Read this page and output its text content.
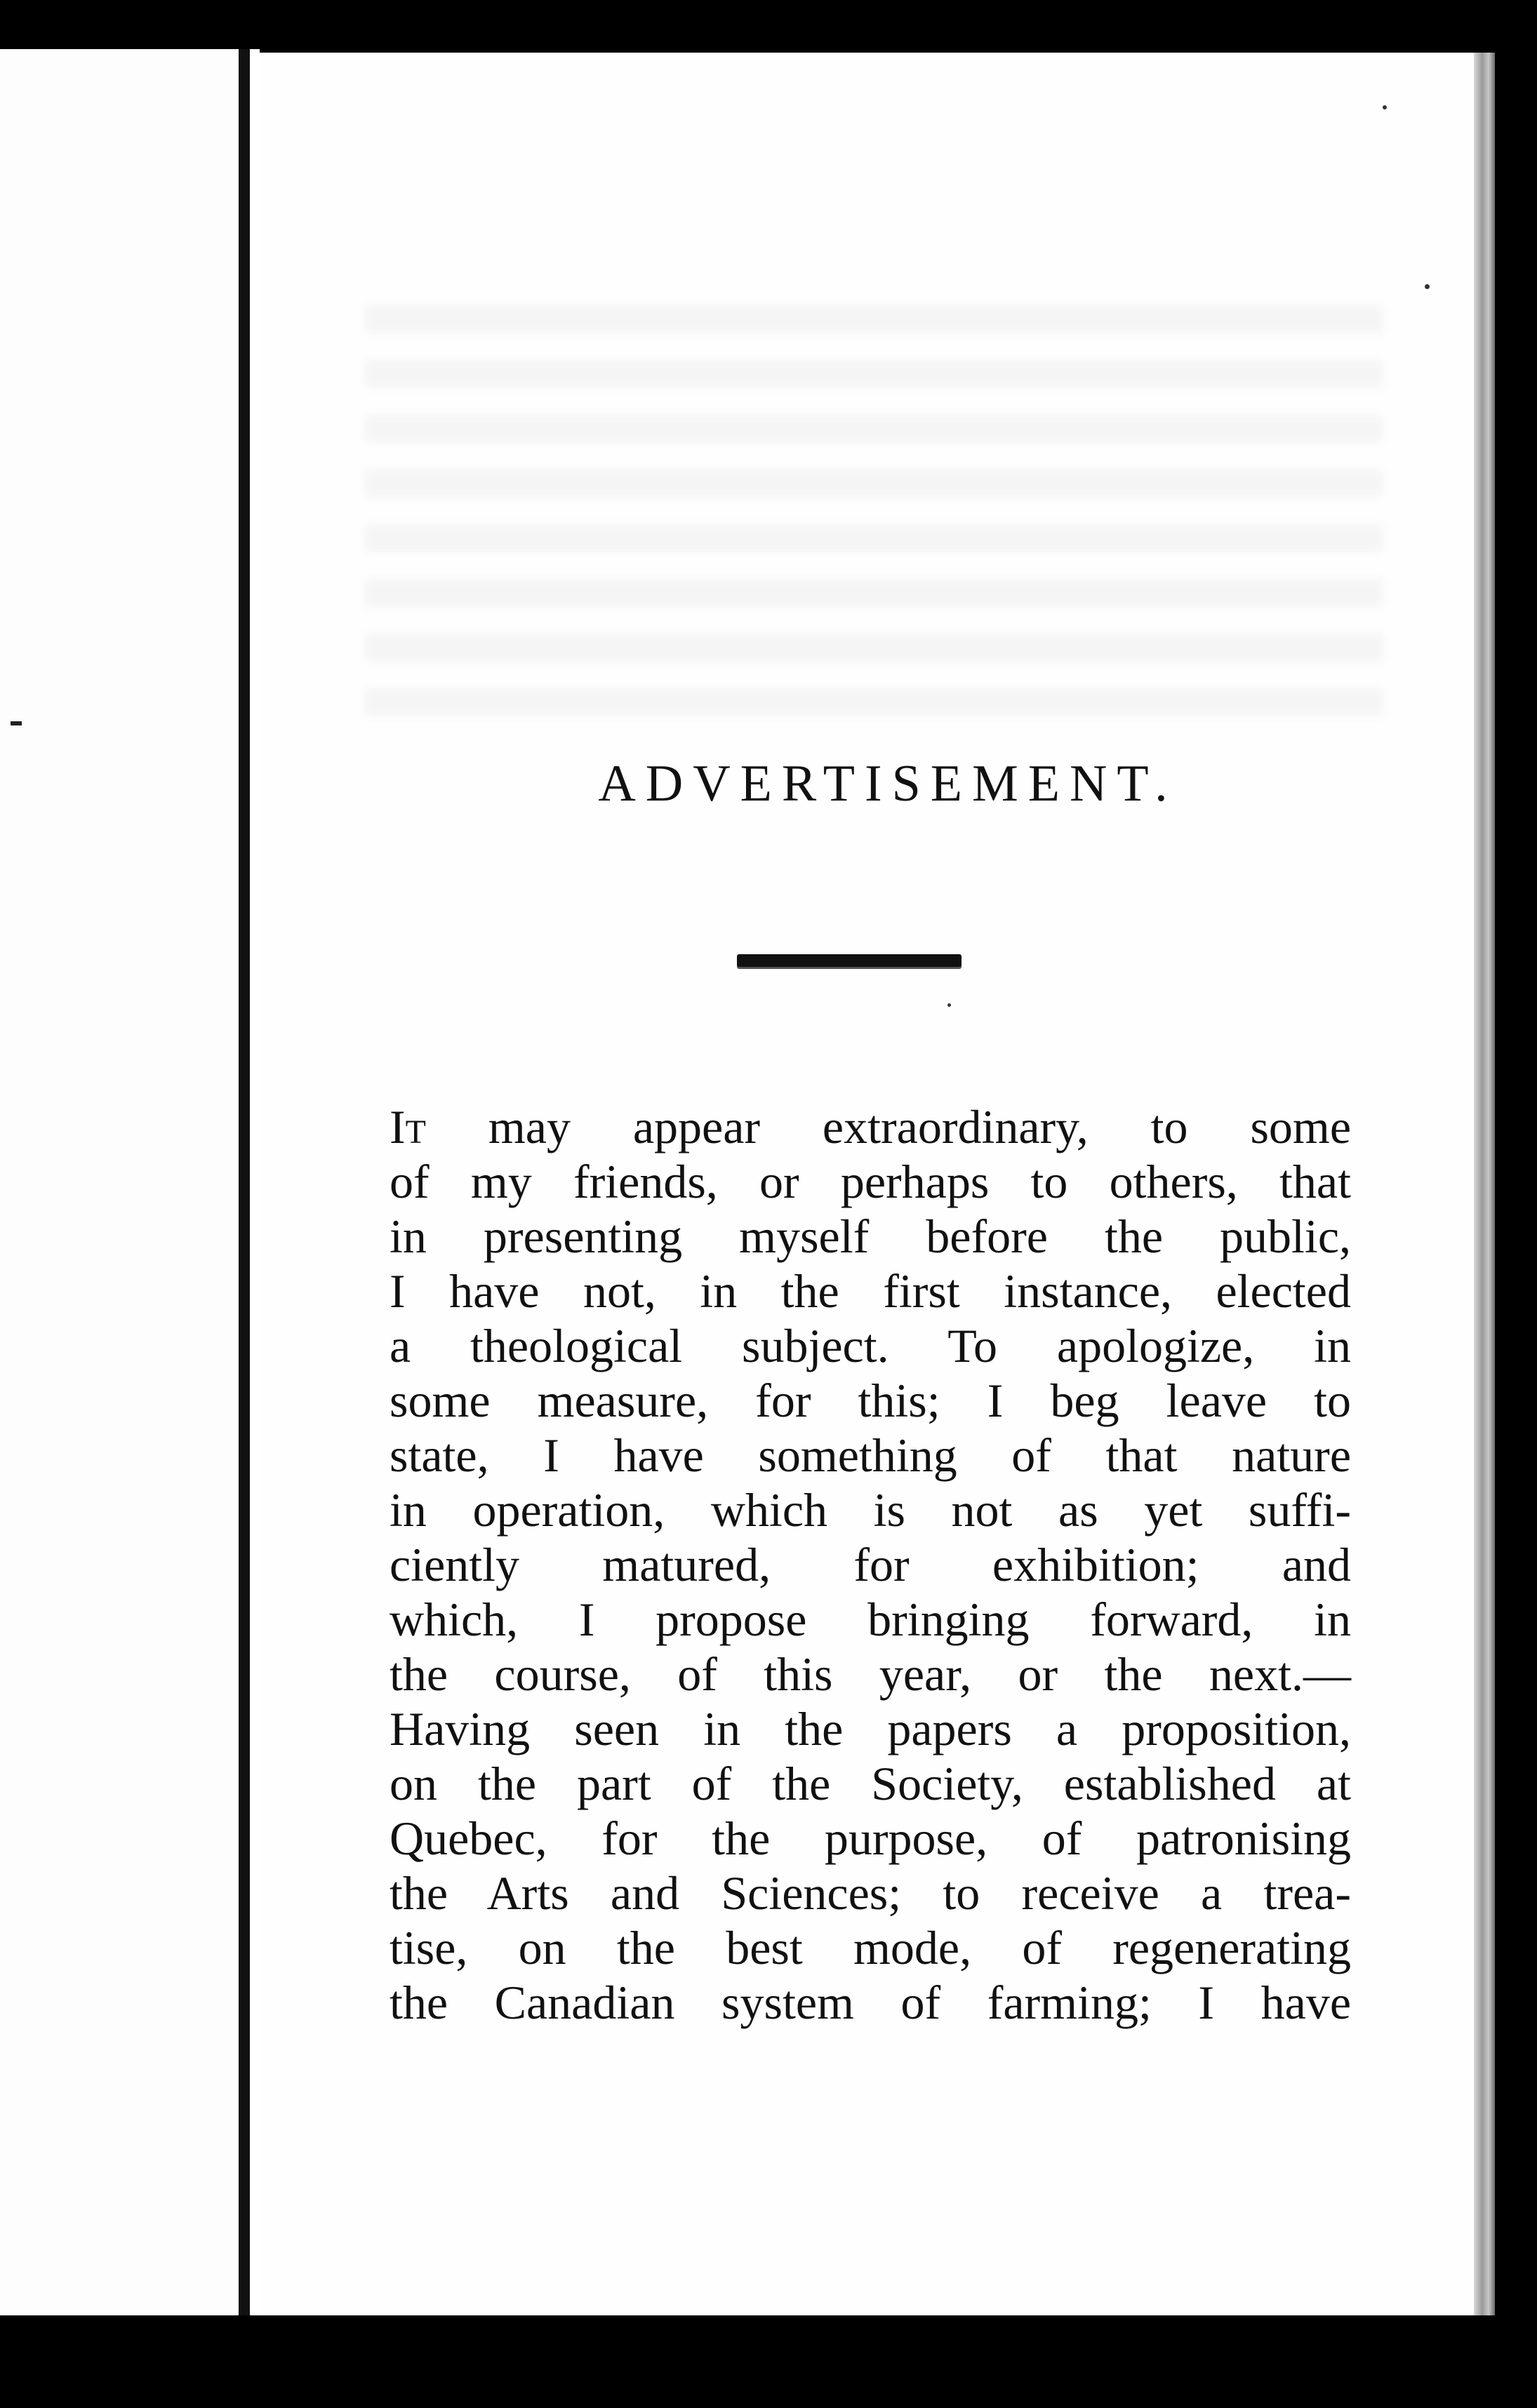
ADVERTISEMENT.
It may appear extraordinary, to some
of my friends, or perhaps to others, that
in presenting myself before the public,
I have not, in the first instance, elected
a theological subject. To apologize, in
some measure, for this; I beg leave to
state, I have something of that nature
in operation, which is not as yet suffi-
ciently matured, for exhibition; and
which, I propose bringing forward, in
the course, of this year, or the next.—
Having seen in the papers a proposition,
on the part of the Society, established at
Quebec, for the purpose, of patronising
the Arts and Sciences; to receive a trea-
tise, on the best mode, of regenerating
the Canadian system of farming; I have
